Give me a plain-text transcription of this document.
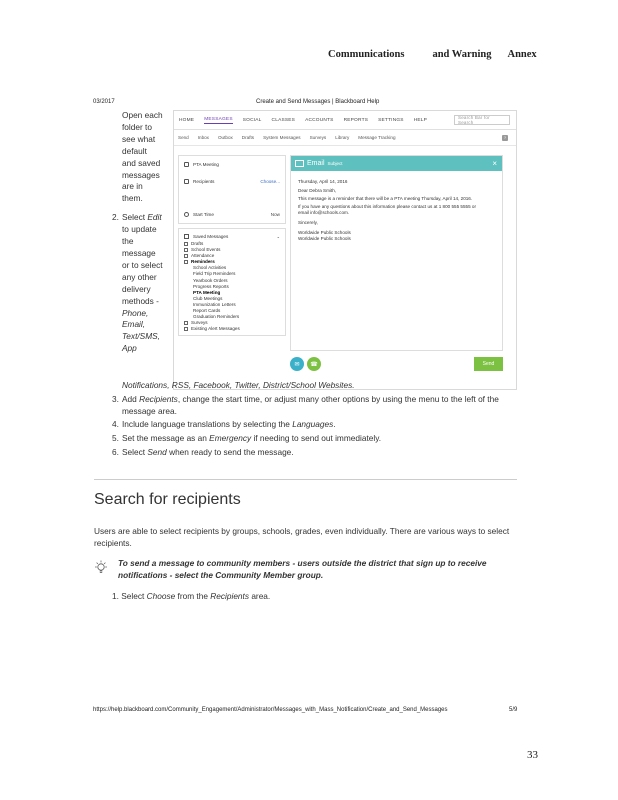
Communications	and Warning Annex
03/2017	Create and Send Messages | Blackboard Help
Open each
folder to
see what
default
and saved
messages
are in
them.
2. Select Edit
to update
the
message
or to select
any other
delivery
methods -
Phone,
Email,
Text/SMS,
App
HOME MESSAGES SOCIAL CLASSES ACCOUNTS REPORTS SETTINGS HELP	Search Bar for Search
Send Inbox Outbox Drafts System Messages Surveys Library Message Tracking	?
PTA Meeting
Recipients	Choose...
Start Time	Now
Saved Messages	⌄
Drafts
School Events
Attendance
Reminders
School Activities
Field Trip Reminders
Yearbook Orders
Progress Reports
PTA Meeting
Club Meetings
Immunization Letters
Report Cards
Graduation Reminders
Surveys
Existing Alert Messages
Email Subject	×
Thursday, April 14, 2016
Dear Debra Smith,
This message is a reminder that there will be a PTA meeting Thursday, April 14, 2016.
If you have any questions about this information please contact us at 1 800 555 5555 or
email info@schools.com.
Sincerely,
Worldwide Public Schools
Worldwide Public Schools
✉	☎	Send
Notifications, RSS, Facebook, Twitter, District/School Websites.
3. Add Recipients, change the start time, or adjust many other options by using the menu to the left of the message area.
4. Include language translations by selecting the Languages.
5. Set the message as an Emergency if needing to send out immediately.
6. Select Send when ready to send the message.
Search for recipients
Users are able to select recipients by groups, schools, grades, even individually. There are various ways to select recipients.
To send a message to community members - users outside the district that sign up to receive notifications - select the Community Member group.
1. Select Choose from the Recipients area.
https://help.blackboard.com/Community_Engagement/Administrator/Messages_with_Mass_Notification/Create_and_Send_Messages	5/9
33
